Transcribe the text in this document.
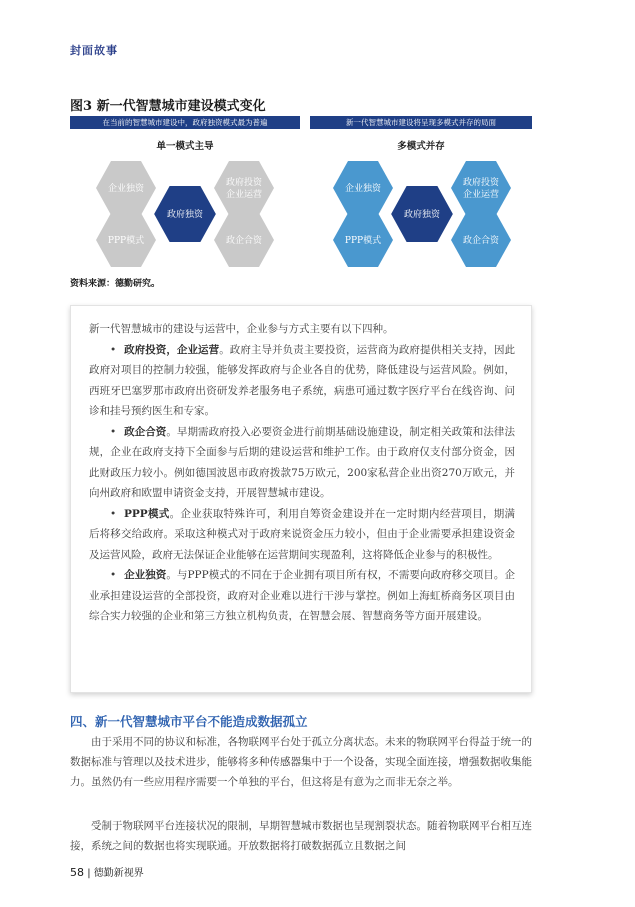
封面故事
图3 新一代智慧城市建设模式变化
在当前的智慧城市建设中，政府独资模式最为普遍	新一代智慧城市建设将呈现多模式并存的局面
单一模式主导	多模式并存
企业独资
政府投资
企业运营
PPP模式	政企合资
政府独资
企业独资
政府投资
企业运营
PPP模式	政企合资
政府独资
资料来源：德勤研究。

新一代智慧城市的建设与运营中，企业参与方式主要有以下四种。

• 政府投资，企业运营。政府主导并负责主要投资，运营商为政府提供相关支持，因此政府对项目的控制力较强，能够发挥政府与企业各自的优势，降低建设与运营风险。例如，西班牙巴塞罗那市政府出资研发养老服务电子系统，病患可通过数字医疗平台在线咨询、问诊和挂号预约医生和专家。

• 政企合资。早期需政府投入必要资金进行前期基础设施建设，制定相关政策和法律法规，企业在政府支持下全面参与后期的建设运营和维护工作。由于政府仅支付部分资金，因此财政压力较小。例如德国波恩市政府拨款75万欧元，200家私营企业出资270万欧元，并向州政府和欧盟申请资金支持，开展智慧城市建设。

• PPP模式。企业获取特殊许可，利用自筹资金建设并在一定时期内经营项目，期满后将移交给政府。采取这种模式对于政府来说资金压力较小，但由于企业需要承担建设资金及运营风险，政府无法保证企业能够在运营期间实现盈利，这将降低企业参与的积极性。

• 企业独资。与PPP模式的不同在于企业拥有项目所有权，不需要向政府移交项目。企业承担建设运营的全部投资，政府对企业难以进行干涉与掌控。例如上海虹桥商务区项目由综合实力较强的企业和第三方独立机构负责，在智慧会展、智慧商务等方面开展建设。

四、新一代智慧城市平台不能造成数据孤立

由于采用不同的协议和标准，各物联网平台处于孤立分离状态。未来的物联网平台得益于统一的数据标准与管理以及技术进步，能够将多种传感器集中于一个设备，实现全面连接，增强数据收集能力。虽然仍有一些应用程序需要一个单独的平台，但这将是有意为之而非无奈之举。

受制于物联网平台连接状况的限制，早期智慧城市数据也呈现割裂状态。随着物联网平台相互连接，系统之间的数据也将实现联通。开放数据将打破数据孤立且数据之间

58 | 德勤新视界
